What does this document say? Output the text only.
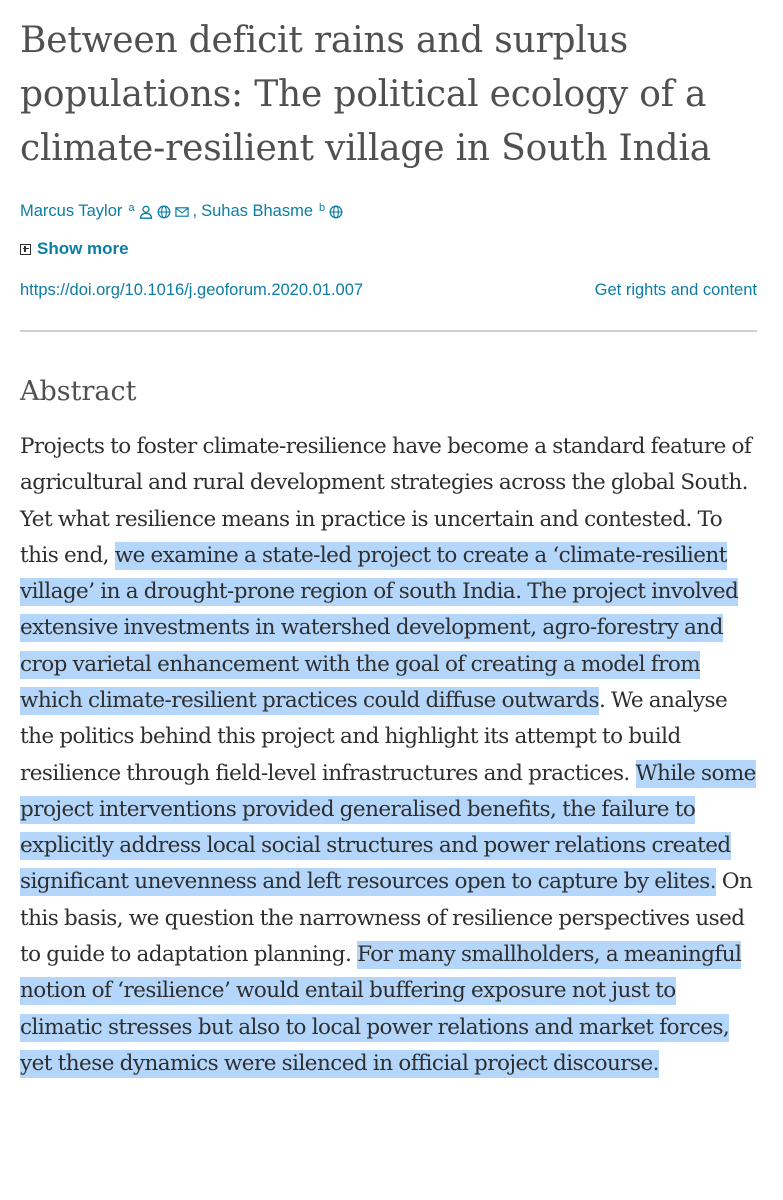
Between deficit rains and surplus populations: The political ecology of a climate-resilient village in South India
Marcus Taylor $^a$	, Suhas Bhasme $^b$
Show more
https://doi.org/10.1016/j.geoforum.2020.01.007	Get rights and content
Abstract

Projects to foster climate-resilience have become a standard feature of agricultural and rural development strategies across the global South. Yet what resilience means in practice is uncertain and contested. To this end, we examine a state-led project to create a ‘climate-resilient village’ in a drought-prone region of south India. The project involved extensive investments in watershed development, agro-forestry and crop varietal enhancement with the goal of creating a model from which climate-resilient practices could diffuse outwards. We analyse the politics behind this project and highlight its attempt to build resilience through field-level infrastructures and practices. While some project interventions provided generalised benefits, the failure to explicitly address local social structures and power relations created significant unevenness and left resources open to capture by elites. On this basis, we question the narrowness of resilience perspectives used to guide to adaptation planning. For many smallholders, a meaningful notion of ‘resilience’ would entail buffering exposure not just to climatic stresses but also to local power relations and market forces, yet these dynamics were silenced in official project discourse.
